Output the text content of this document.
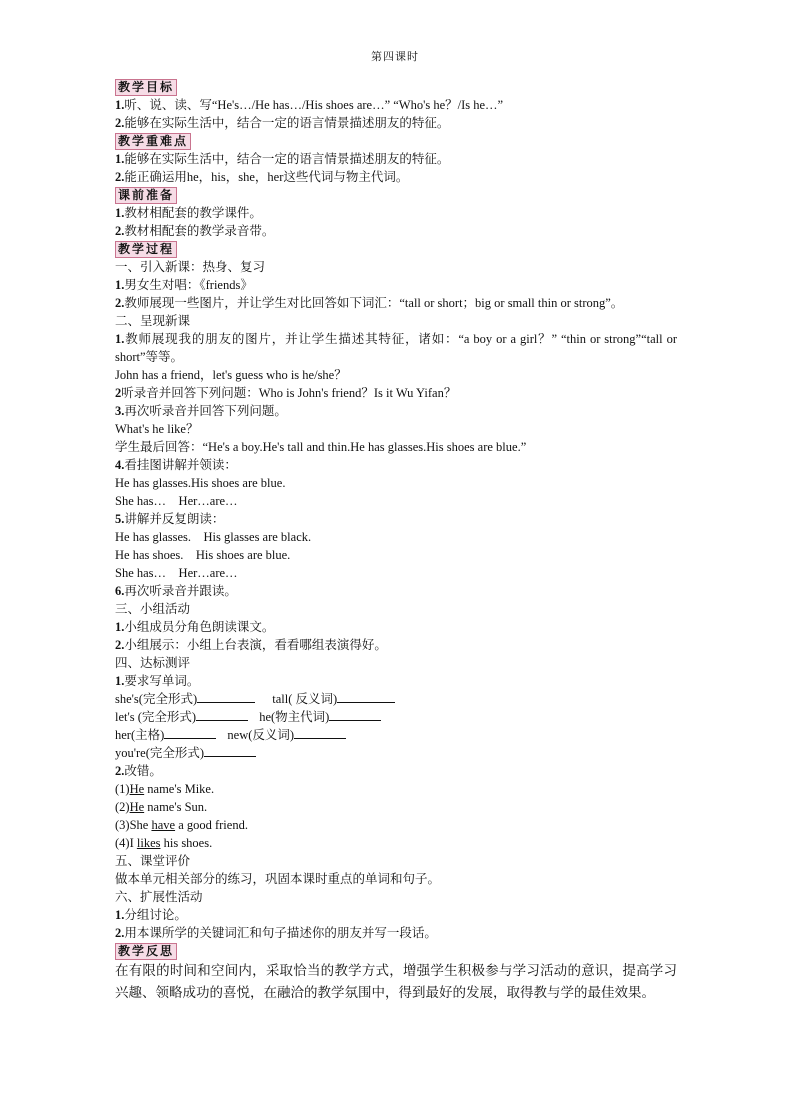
第四课时
教学目标
1.听、说、读、写“He's…/He has…/His shoes are…” “Who's he？/Is he…”
2.能够在实际生活中，结合一定的语言情景描述朋友的特征。
教学重难点
1.能够在实际生活中，结合一定的语言情景描述朋友的特征。
2.能正确运用he，his，she，her这些代词与物主代词。
课前准备
1.教材相配套的教学课件。
2.教材相配套的教学录音带。
教学过程
一、引入新课：热身、复习
1.男女生对唱：《friends》
2.教师展现一些图片，并让学生对比回答如下词汇：“tall or short；big or small thin or strong”。
二、呈现新课
1.教师展现我的朋友的图片，并让学生描述其特征，诸如：“a boy or a girl？” “thin or strong”“tall or short”等等。
John has a friend，let's guess who is he/she？
2听录音并回答下列问题：Who is John's friend？Is it Wu Yifan？
3.再次听录音并回答下列问题。
What's he like？
学生最后回答：“He's a boy.He's tall and thin.He has glasses.His shoes are blue.”
4.看挂图讲解并领读：
He has glasses.His shoes are blue.
She has…    Her…are…
5.讲解并反复朗读：
He has glasses.    His glasses are black.
He has shoes.    His shoes are blue.
She has…    Her…are…
6.再次听录音并跟读。
三、小组活动
1.小组成员分角色朗读课文。
2.小组展示：小组上台表演，看看哪组表演得好。
四、达标测评
1.要求写单词。
she's(完全形式)	tall( 反义词)
let's (完全形式)	he(物主代词)
her(主格)	new(反义词)
you're(完全形式)
2.改错。
(1)He name's Mike.
(2)He name's Sun.
(3)She have a good friend.
(4)I likes his shoes.
五、课堂评价
做本单元相关部分的练习，巩固本课时重点的单词和句子。
六、扩展性活动
1.分组讨论。
2.用本课所学的关键词汇和句子描述你的朋友并写一段话。
教学反思
在有限的时间和空间内，采取恰当的教学方式，增强学生积极参与学习活动的意识，提高学习兴趣、领略成功的喜悦，在融洽的教学氛围中，得到最好的发展，取得教与学的最佳效果。
